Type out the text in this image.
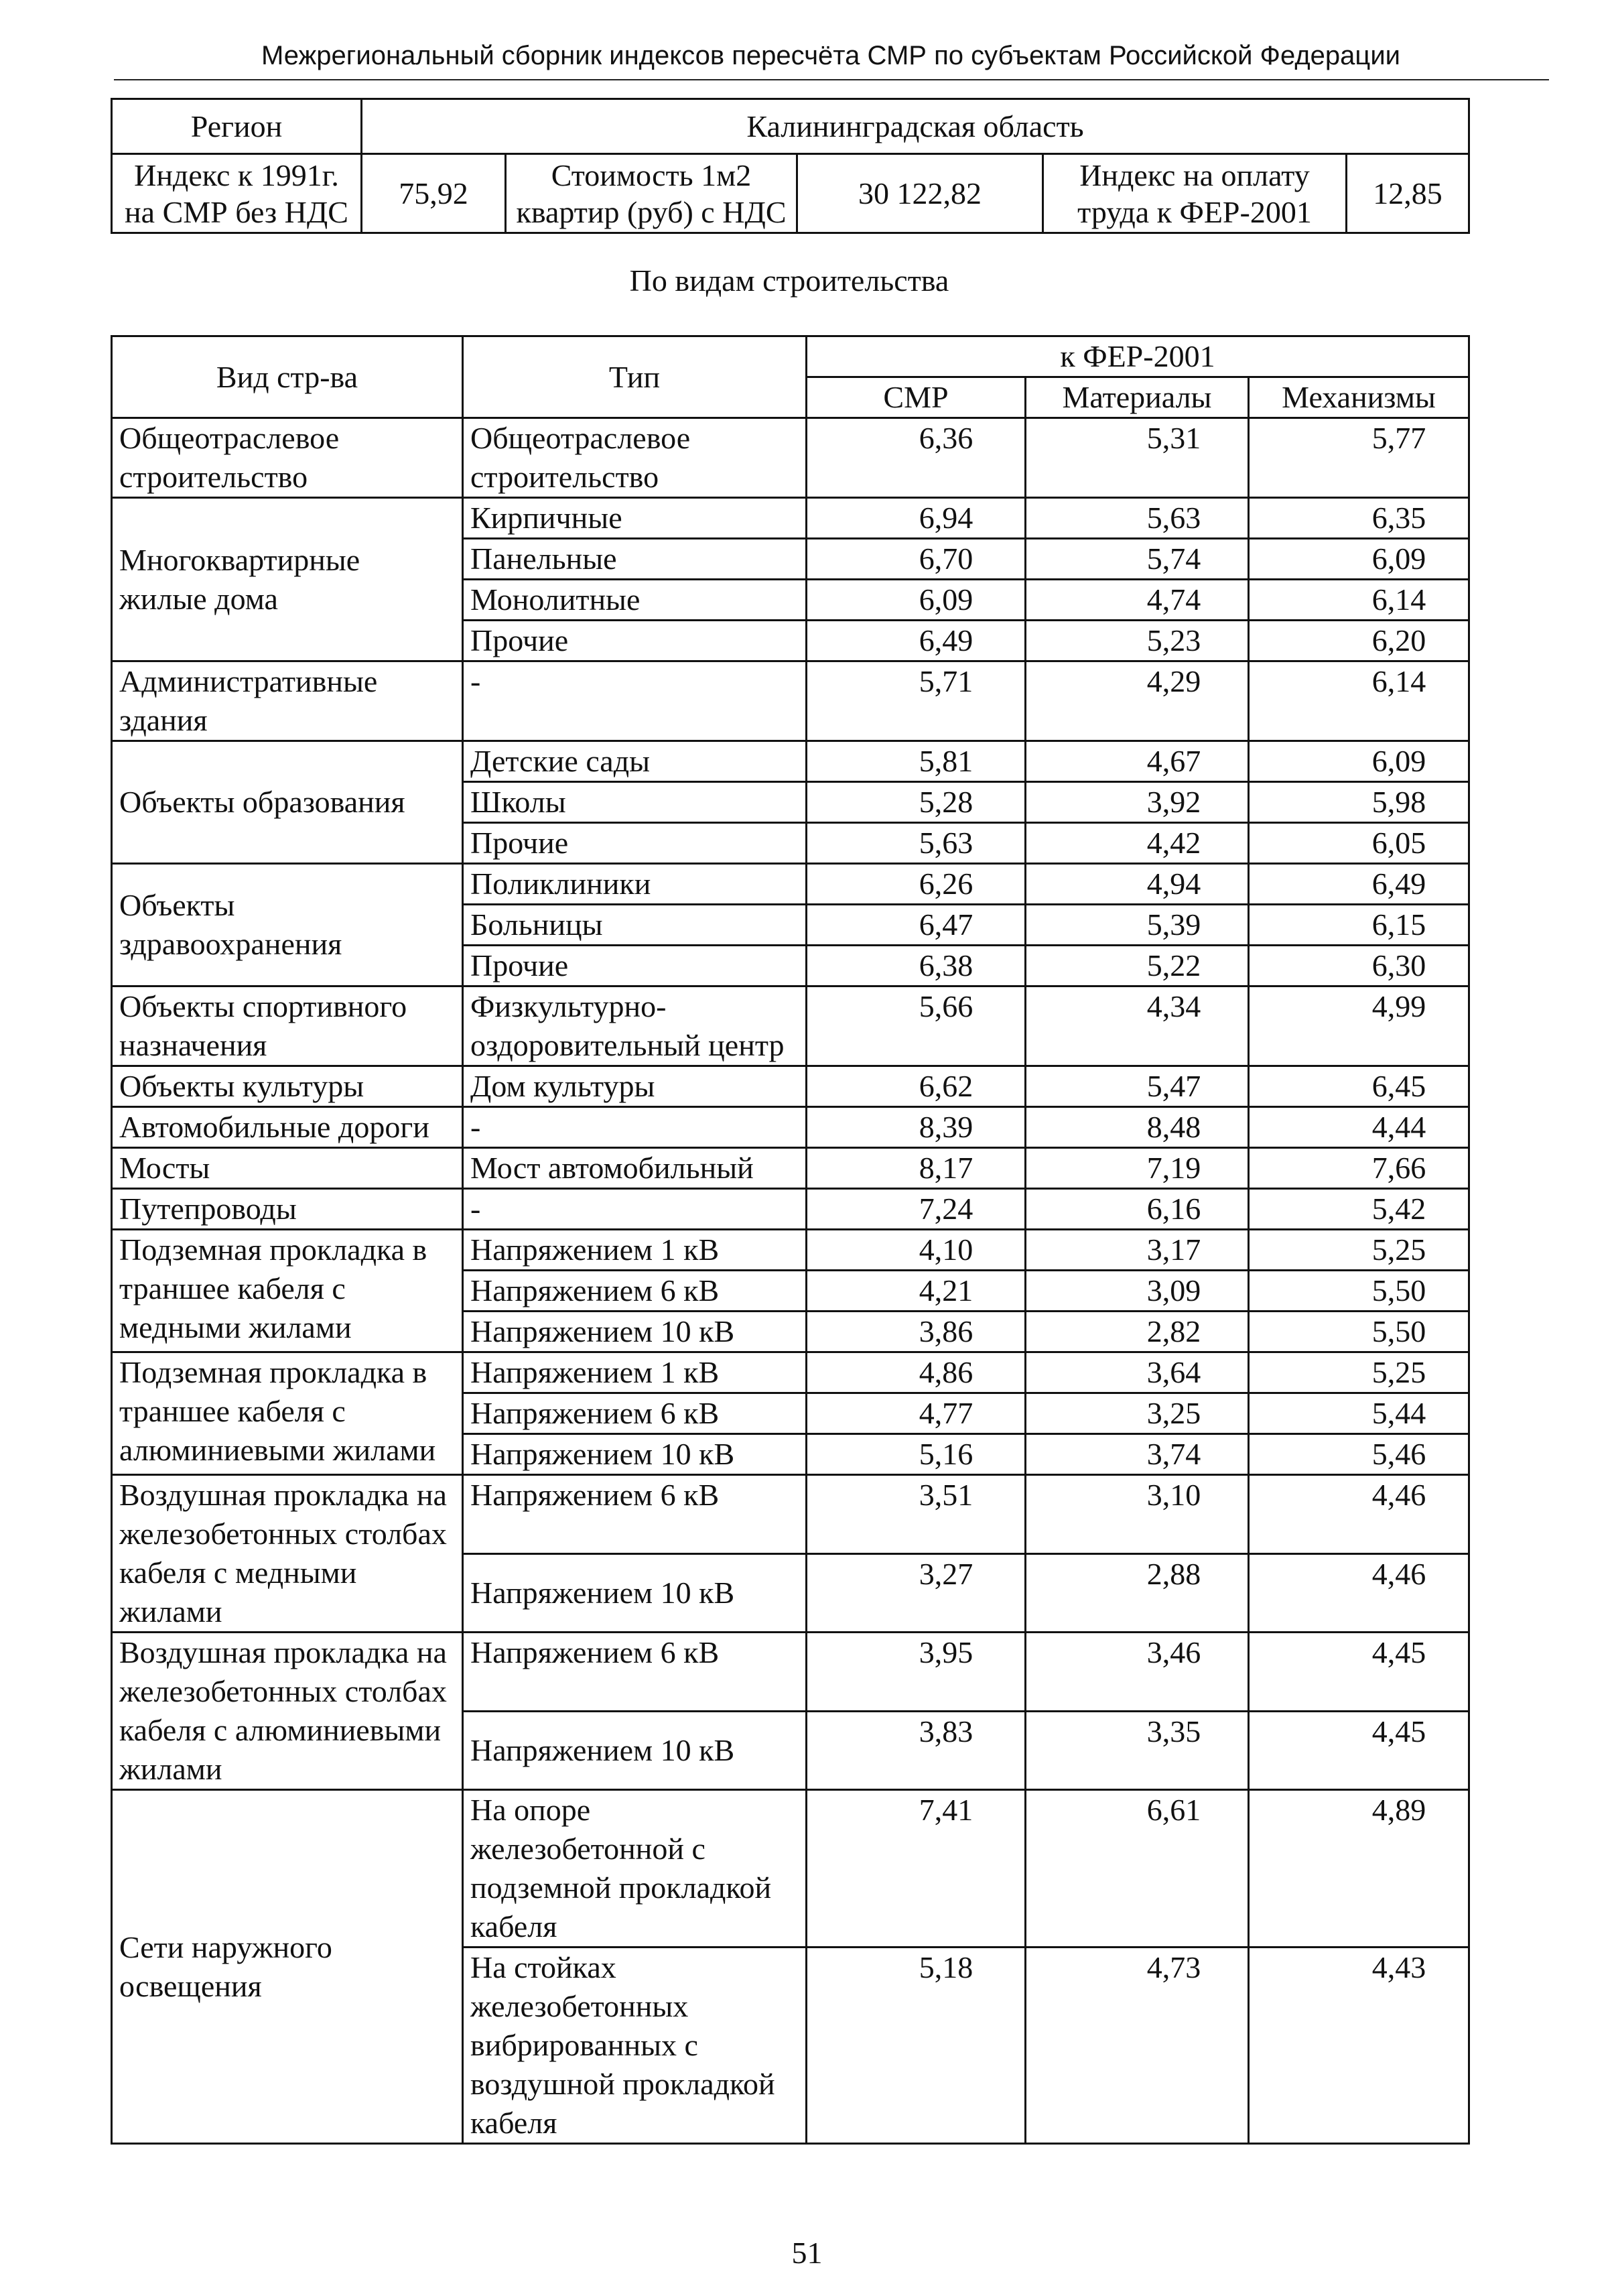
Межрегиональный сборник индексов пересчёта СМР по субъектам Российской Федерации
Регион	Калининградская область				
Индекс к 1991г. на СМР без НДС	75,92	Стоимость 1м2 квартир (руб) с НДС	30 122,82	Индекс на оплату труда к ФЕР-2001	12,85
По видам строительства
Вид стр-ва	Тип	к ФЕР-2001		
		СМР	Материалы	Механизмы
Общеотраслевое строительство	Общеотраслевое строительство	6,36	5,31	5,77
Многоквартирные жилые дома	Кирпичные	6,94	5,63	6,35
	Панельные	6,70	5,74	6,09
	Монолитные	6,09	4,74	6,14
	Прочие	6,49	5,23	6,20
Административные здания	-	5,71	4,29	6,14
Объекты образования	Детские сады	5,81	4,67	6,09
	Школы	5,28	3,92	5,98
	Прочие	5,63	4,42	6,05
Объекты здравоохранения	Поликлиники	6,26	4,94	6,49
	Больницы	6,47	5,39	6,15
	Прочие	6,38	5,22	6,30
Объекты спортивного назначения	Физкультурно-оздоровительный центр	5,66	4,34	4,99
Объекты культуры	Дом культуры	6,62	5,47	6,45
Автомобильные дороги	-	8,39	8,48	4,44
Мосты	Мост автомобильный	8,17	7,19	7,66
Путепроводы	-	7,24	6,16	5,42
Подземная прокладка в траншее кабеля с медными жилами	Напряжением 1 кВ	4,10	3,17	5,25
	Напряжением 6 кВ	4,21	3,09	5,50
	Напряжением 10 кВ	3,86	2,82	5,50
Подземная прокладка в траншее кабеля с алюминиевыми жилами	Напряжением 1 кВ	4,86	3,64	5,25
	Напряжением 6 кВ	4,77	3,25	5,44
	Напряжением 10 кВ	5,16	3,74	5,46
Воздушная прокладка на железобетонных столбах кабеля с медными жилами	Напряжением 6 кВ	3,51	3,10	4,46
	Напряжением 10 кВ	3,27	2,88	4,46
Воздушная прокладка на железобетонных столбах кабеля с алюминиевыми жилами	Напряжением 6 кВ	3,95	3,46	4,45
	Напряжением 10 кВ	3,83	3,35	4,45
Сети наружного освещения	На опоре железобетонной с подземной прокладкой кабеля	7,41	6,61	4,89
	На стойках железобетонных вибрированных с воздушной прокладкой кабеля	5,18	4,73	4,43
51
